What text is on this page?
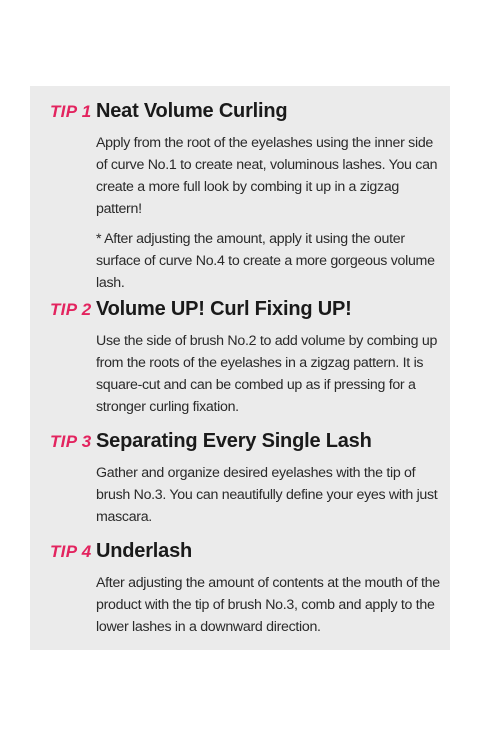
TIP 1 Neat Volume Curling
Apply from the root of the eyelashes using the inner side of curve No.1 to create neat, voluminous lashes. You can create a more full look by combing it up in a zigzag pattern!
* After adjusting the amount, apply it using the outer surface of curve No.4 to create a more gorgeous volume lash.
TIP 2 Volume UP! Curl Fixing UP!
Use the side of brush No.2 to add volume by combing up from the roots of the eyelashes in a zigzag pattern. It is square-cut and can be combed up as if pressing for a stronger curling fixation.
TIP 3 Separating Every Single Lash
Gather and organize desired eyelashes with the tip of brush No.3. You can neautifully define your eyes with just mascara.
TIP 4 Underlash
After adjusting the amount of contents at the mouth of the product with the tip of brush No.3, comb and apply to the lower lashes in a downward direction.
